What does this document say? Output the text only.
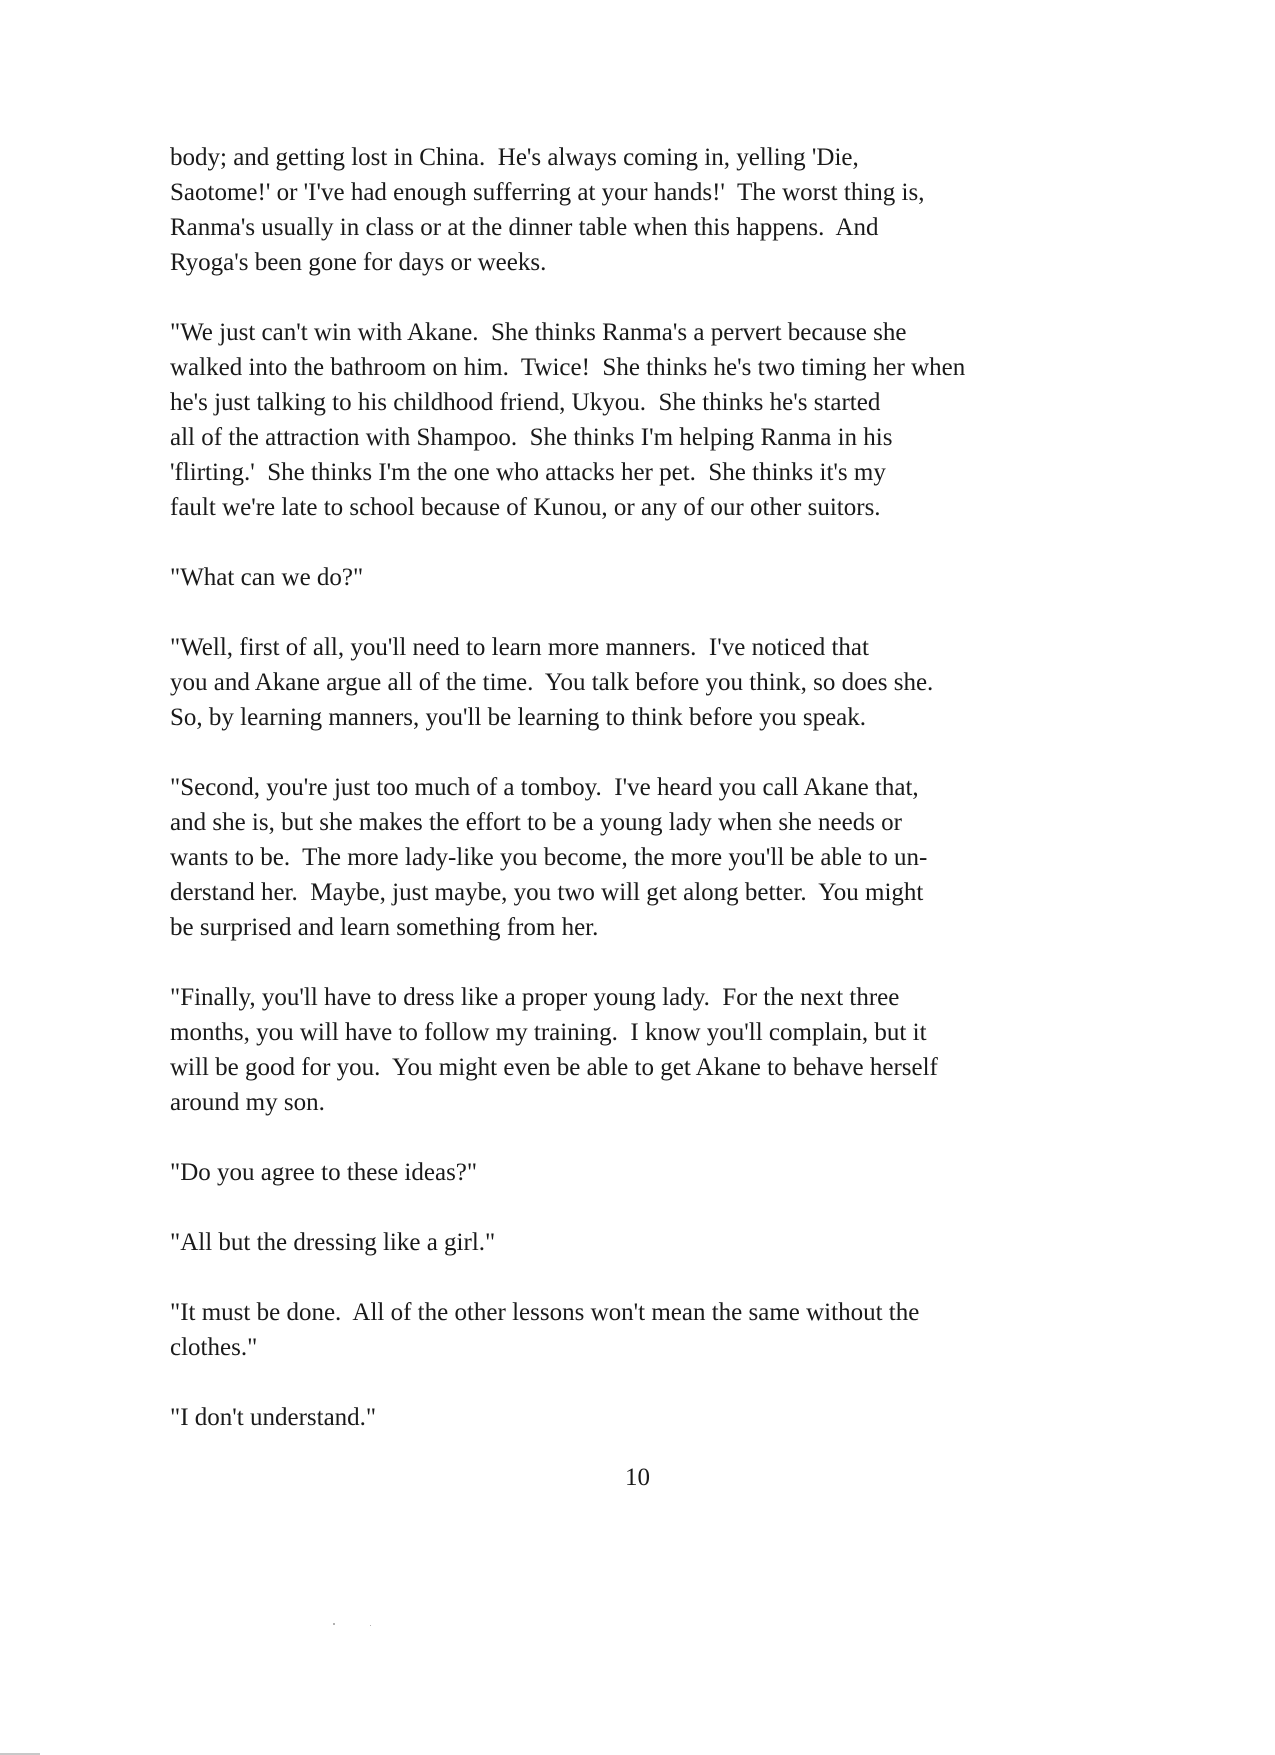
body; and getting lost in China.  He's always coming in, yelling 'Die,
Saotome!' or 'I've had enough sufferring at your hands!'  The worst thing is,
Ranma's usually in class or at the dinner table when this happens.  And
Ryoga's been gone for days or weeks.

"We just can't win with Akane.  She thinks Ranma's a pervert because she
walked into the bathroom on him.  Twice!  She thinks he's two timing her when
he's just talking to his childhood friend, Ukyou.  She thinks he's started
all of the attraction with Shampoo.  She thinks I'm helping Ranma in his
'flirting.'  She thinks I'm the one who attacks her pet.  She thinks it's my
fault we're late to school because of Kunou, or any of our other suitors.

"What can we do?"

"Well, first of all, you'll need to learn more manners.  I've noticed that
you and Akane argue all of the time.  You talk before you think, so does she.
So, by learning manners, you'll be learning to think before you speak.

"Second, you're just too much of a tomboy.  I've heard you call Akane that,
and she is, but she makes the effort to be a young lady when she needs or
wants to be.  The more lady-like you become, the more you'll be able to un-
derstand her.  Maybe, just maybe, you two will get along better.  You might
be surprised and learn something from her.

"Finally, you'll have to dress like a proper young lady.  For the next three
months, you will have to follow my training.  I know you'll complain, but it
will be good for you.  You might even be able to get Akane to behave herself
around my son.

"Do you agree to these ideas?"

"All but the dressing like a girl."

"It must be done.  All of the other lessons won't mean the same without the
clothes."

"I don't understand."

10
